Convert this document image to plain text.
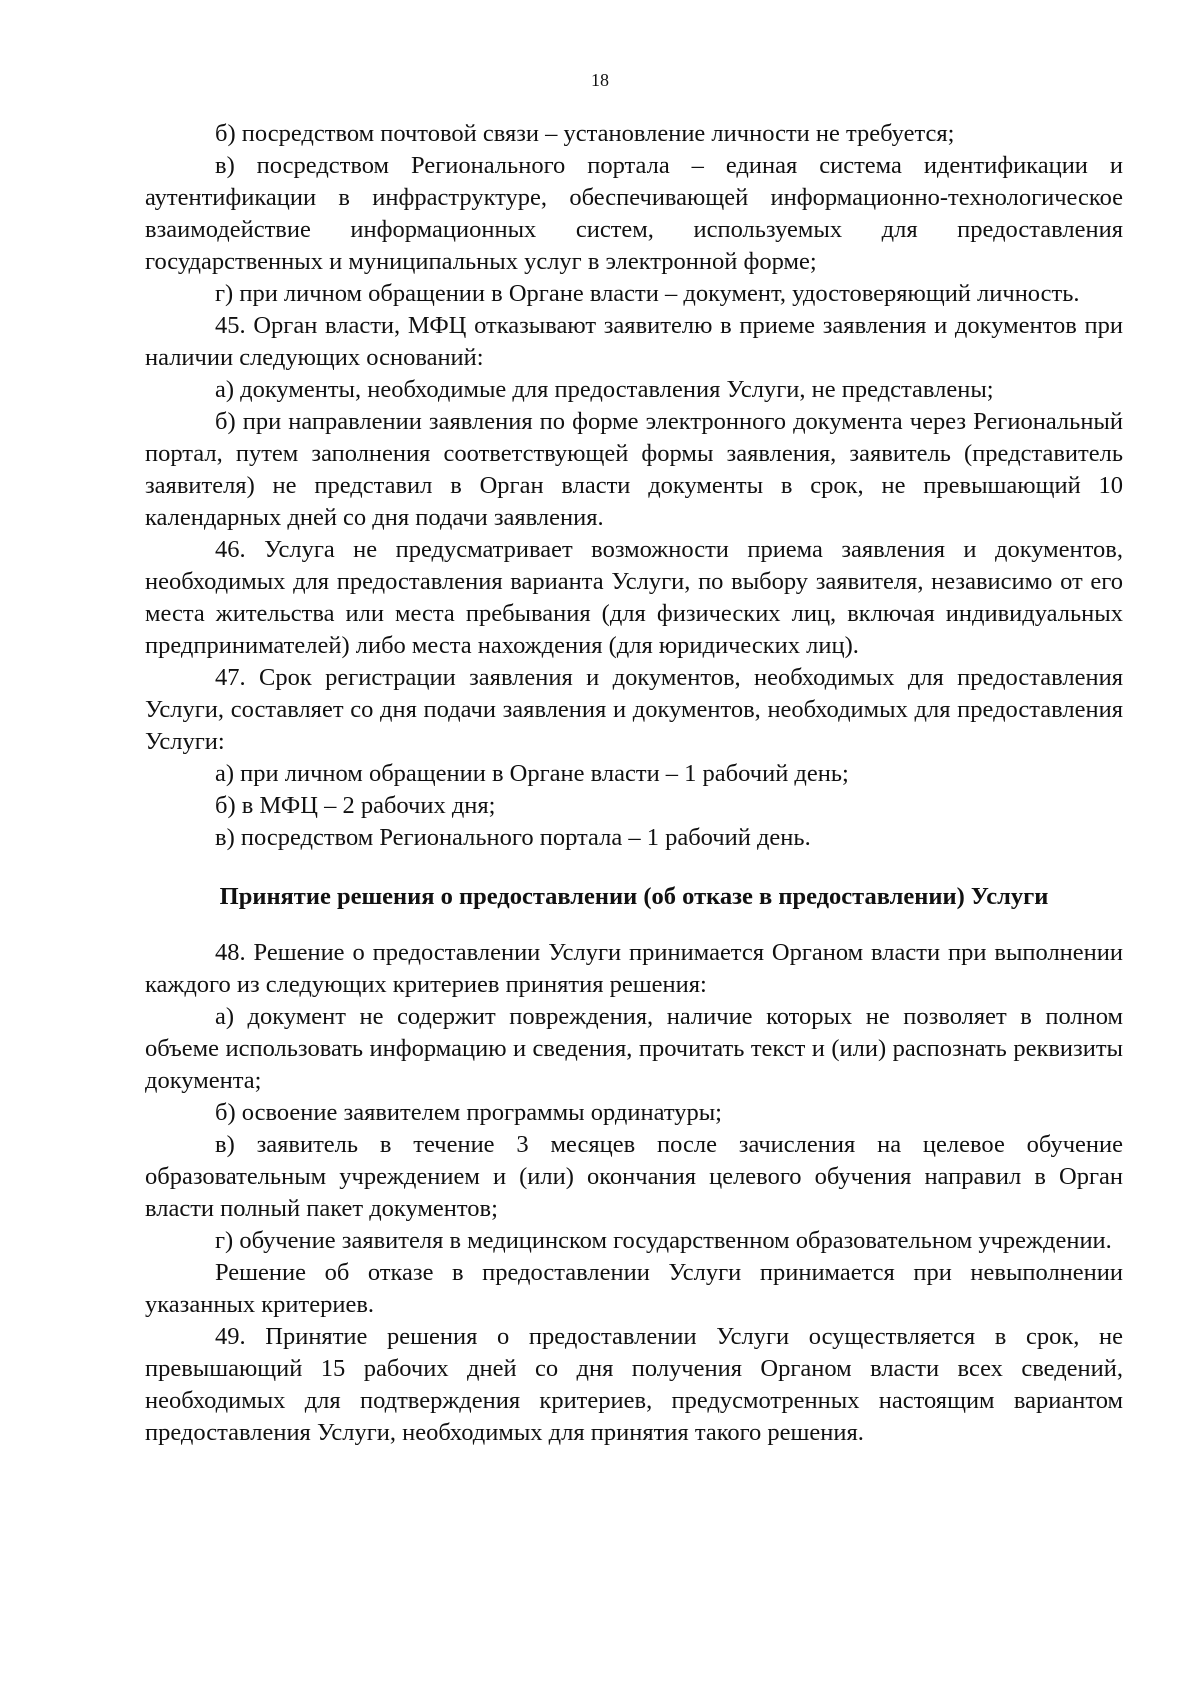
18

б) посредством почтовой связи – установление личности не требуется;

в) посредством Регионального портала – единая система идентификации и аутентификации в инфраструктуре, обеспечивающей информационно-технологическое взаимодействие информационных систем, используемых для предоставления государственных и муниципальных услуг в электронной форме;

г) при личном обращении в Органе власти – документ, удостоверяющий личность.

45. Орган власти, МФЦ отказывают заявителю в приеме заявления и документов при наличии следующих оснований:

а) документы, необходимые для предоставления Услуги, не представлены;

б) при направлении заявления по форме электронного документа через Региональный портал, путем заполнения соответствующей формы заявления, заявитель (представитель заявителя) не представил в Орган власти документы в срок, не превышающий 10 календарных дней со дня подачи заявления.

46. Услуга не предусматривает возможности приема заявления и документов, необходимых для предоставления варианта Услуги, по выбору заявителя, независимо от его места жительства или места пребывания (для физических лиц, включая индивидуальных предпринимателей) либо места нахождения (для юридических лиц).

47. Срок регистрации заявления и документов, необходимых для предоставления Услуги, составляет со дня подачи заявления и документов, необходимых для предоставления Услуги:

а) при личном обращении в Органе власти – 1 рабочий день;

б) в МФЦ – 2 рабочих дня;

в) посредством Регионального портала – 1 рабочий день.

Принятие решения о предоставлении (об отказе в предоставлении) Услуги

48. Решение о предоставлении Услуги принимается Органом власти при выполнении каждого из следующих критериев принятия решения:

а) документ не содержит повреждения, наличие которых не позволяет в полном объеме использовать информацию и сведения, прочитать текст и (или) распознать реквизиты документа;

б) освоение заявителем программы ординатуры;

в) заявитель в течение 3 месяцев после зачисления на целевое обучение образовательным учреждением и (или) окончания целевого обучения направил в Орган власти полный пакет документов;

г) обучение заявителя в медицинском государственном образовательном учреждении.

Решение об отказе в предоставлении Услуги принимается при невыполнении указанных критериев.

49. Принятие решения о предоставлении Услуги осуществляется в срок, не превышающий 15 рабочих дней со дня получения Органом власти всех сведений, необходимых для подтверждения критериев, предусмотренных настоящим вариантом предоставления Услуги, необходимых для принятия такого решения.
